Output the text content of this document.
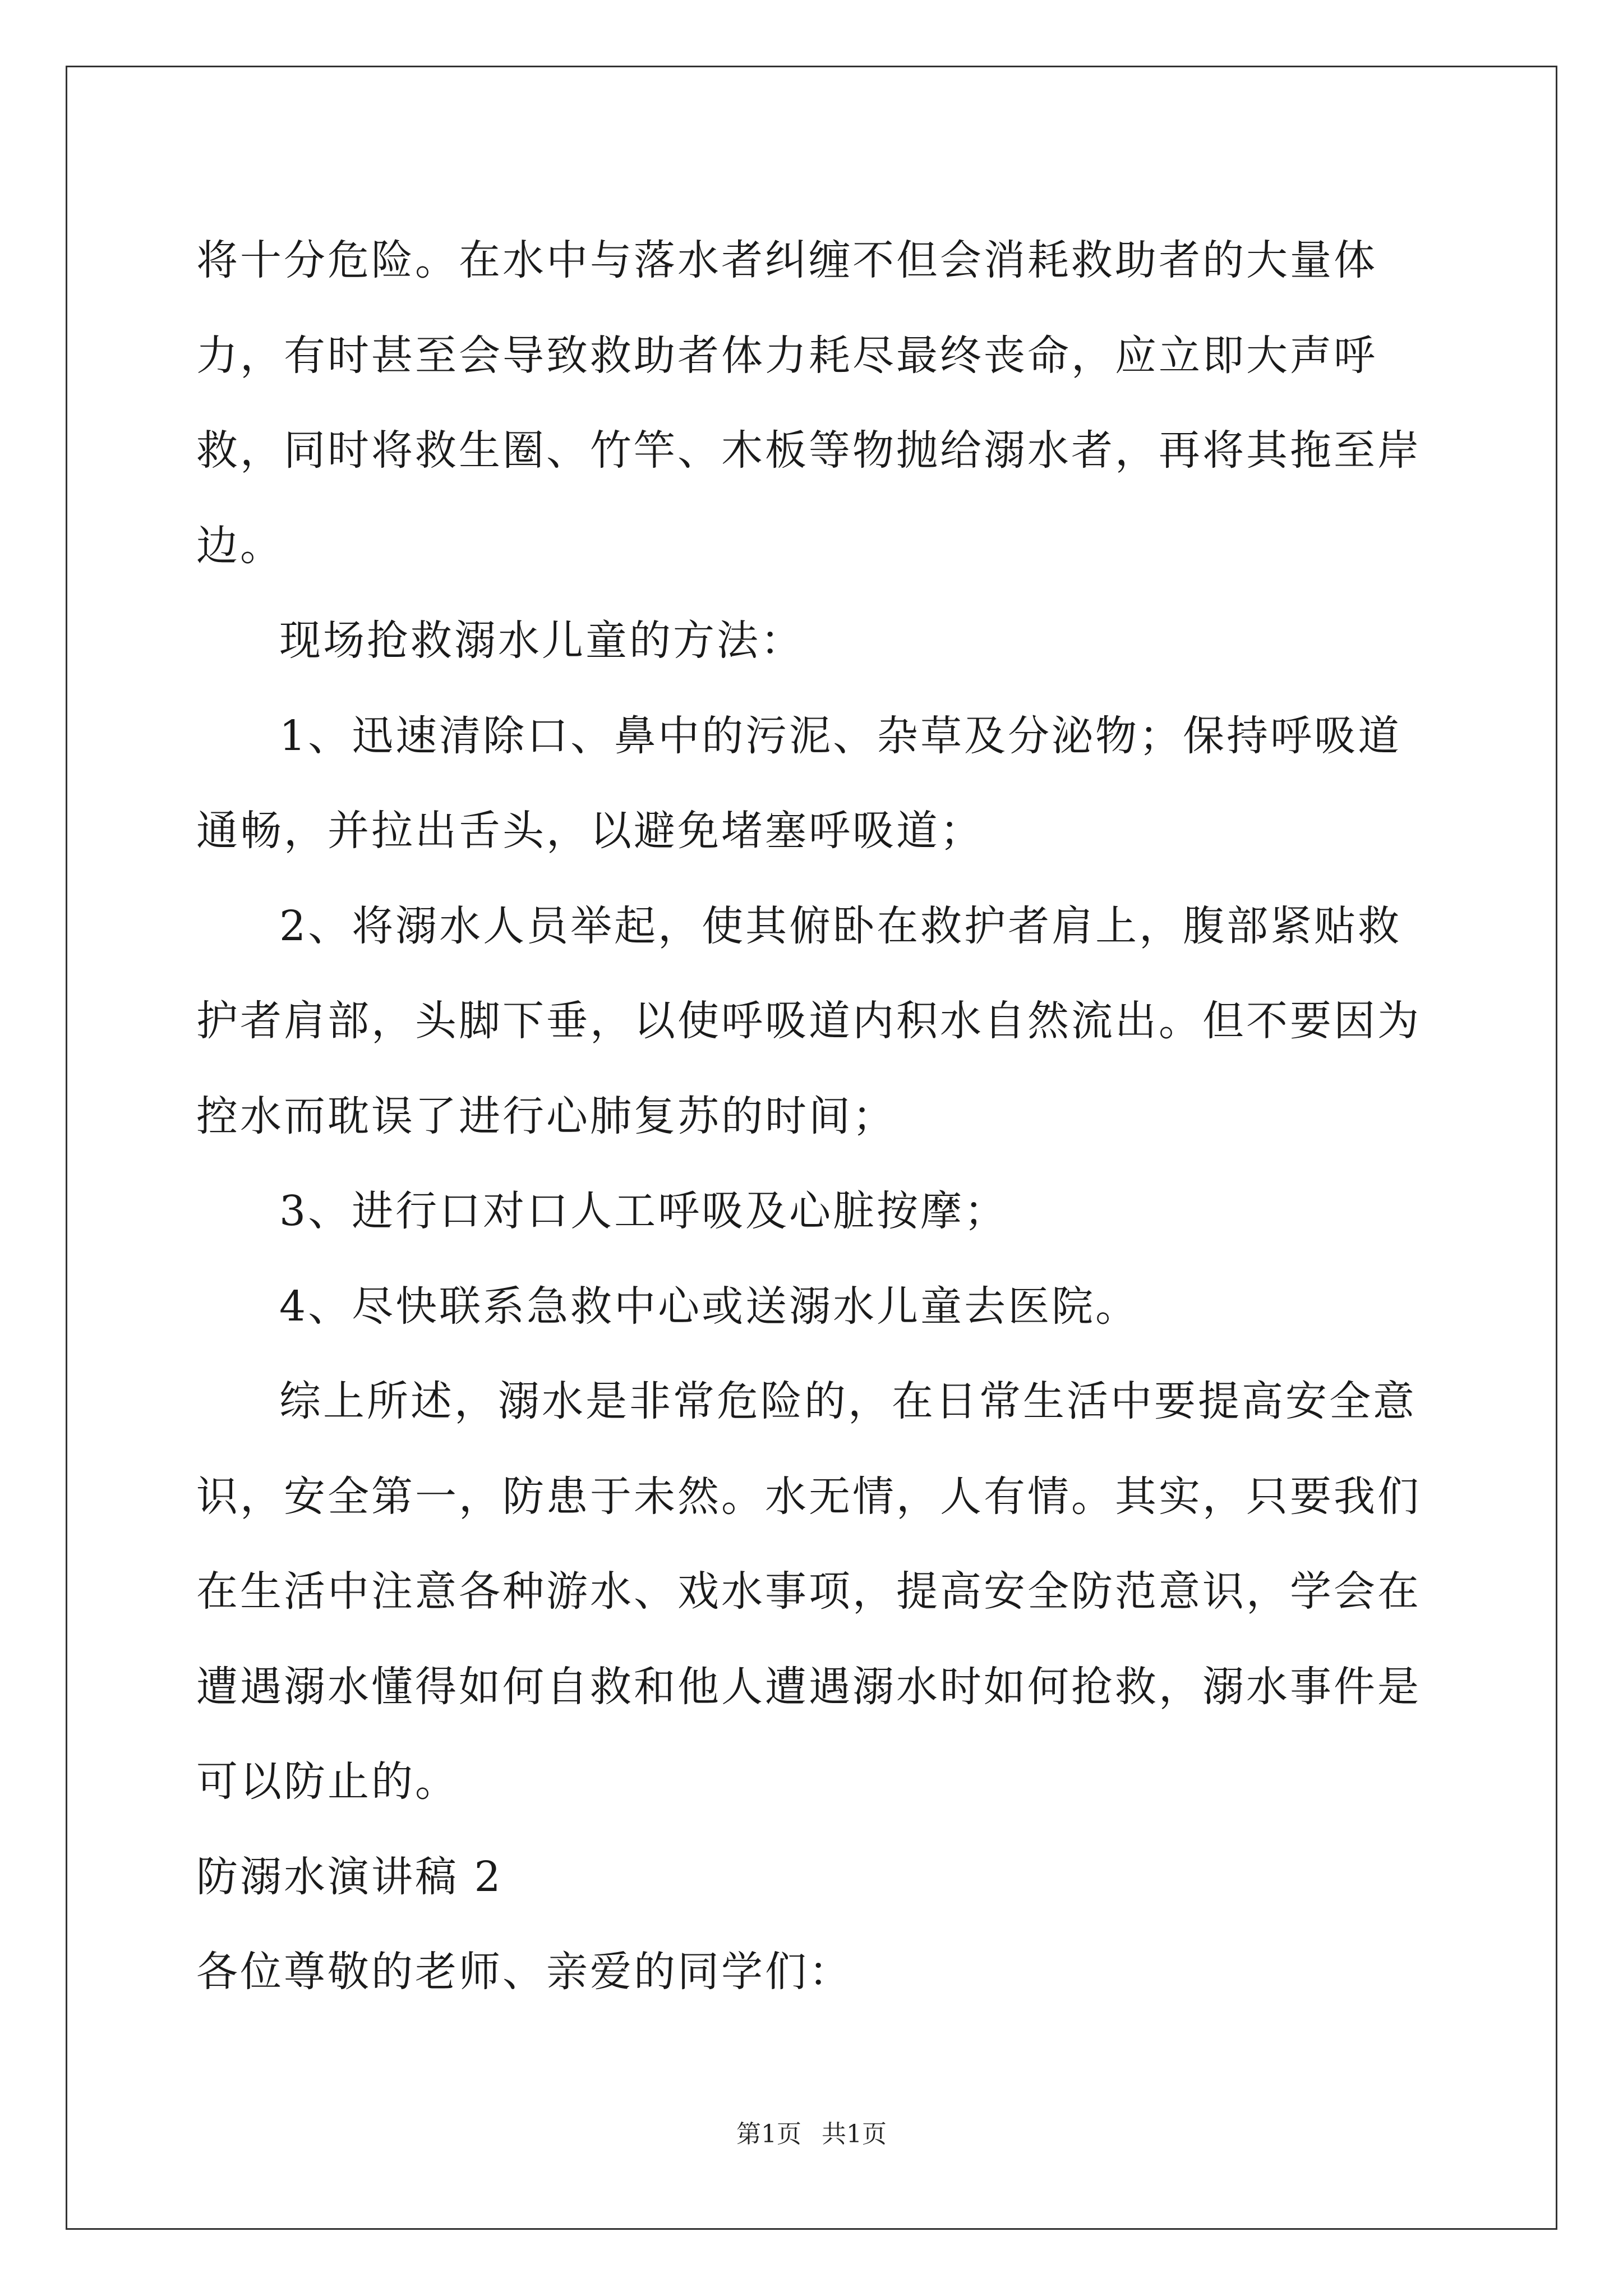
将十分危险。在水中与落水者纠缠不但会消耗救助者的大量体力，有时甚至会导致救助者体力耗尽最终丧命，应立即大声呼救，同时将救生圈、竹竿、木板等物抛给溺水者，再将其拖至岸边。

现场抢救溺水儿童的方法：

1、迅速清除口、鼻中的污泥、杂草及分泌物；保持呼吸道通畅，并拉出舌头，以避免堵塞呼吸道；

2、将溺水人员举起，使其俯卧在救护者肩上，腹部紧贴救护者肩部，头脚下垂，以使呼吸道内积水自然流出。但不要因为控水而耽误了进行心肺复苏的时间；

3、进行口对口人工呼吸及心脏按摩；

4、尽快联系急救中心或送溺水儿童去医院。

综上所述，溺水是非常危险的，在日常生活中要提高安全意识，安全第一，防患于未然。水无情，人有情。其实，只要我们在生活中注意各种游水、戏水事项，提高安全防范意识，学会在遭遇溺水懂得如何自救和他人遭遇溺水时如何抢救，溺水事件是可以防止的。

防溺水演讲稿 2

各位尊敬的老师、亲爱的同学们：

第1页 共1页
